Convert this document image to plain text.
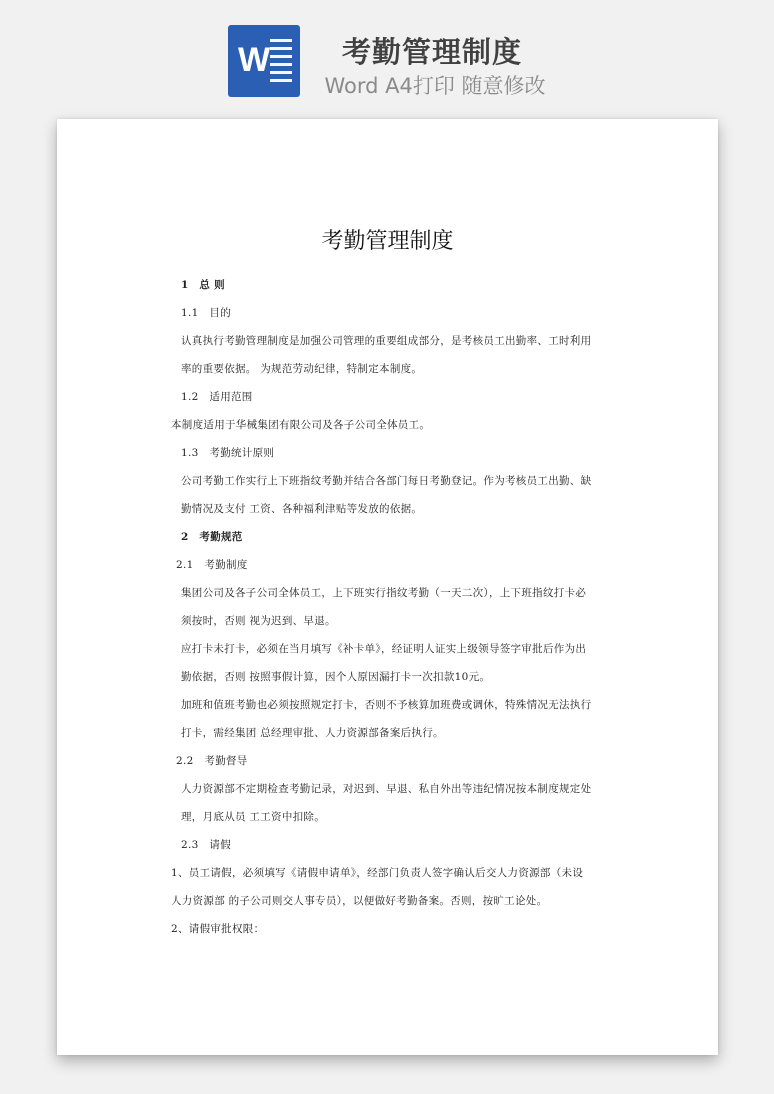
W	考勤管理制度
Word A4打印 随意修改
考勤管理制度
1　总 则
1.1　目的
认真执行考勤管理制度是加强公司管理的重要组成部分，是考核员工出勤率、工时利用
率的重要依据。 为规范劳动纪律，特制定本制度。
1.2　适用范围
本制度适用于华械集团有限公司及各子公司全体员工。
1.3　考勤统计原则
公司考勤工作实行上下班指纹考勤并结合各部门每日考勤登记。作为考核员工出勤、缺
勤情况及支付 工资、各种福利津贴等发放的依据。
2　考勤规范
2.1　考勤制度
集团公司及各子公司全体员工，上下班实行指纹考勤（一天二次），上下班指纹打卡必
须按时，否则 视为迟到、早退。
应打卡未打卡，必须在当月填写《补卡单》，经证明人证实上级领导签字审批后作为出
勤依据，否则 按照事假计算，因个人原因漏打卡一次扣款10元。
加班和值班考勤也必须按照规定打卡，否则不予核算加班费或调休，特殊情况无法执行
打卡，需经集团 总经理审批、人力资源部备案后执行。
2.2　考勤督导
人力资源部不定期检查考勤记录，对迟到、早退、私自外出等违纪情况按本制度规定处
理，月底从员 工工资中扣除。
2.3　请假
1、员工请假，必须填写《请假申请单》，经部门负责人签字确认后交人力资源部（未设
人力资源部 的子公司则交人事专员），以便做好考勤备案。否则，按旷工论处。
2、请假审批权限：
